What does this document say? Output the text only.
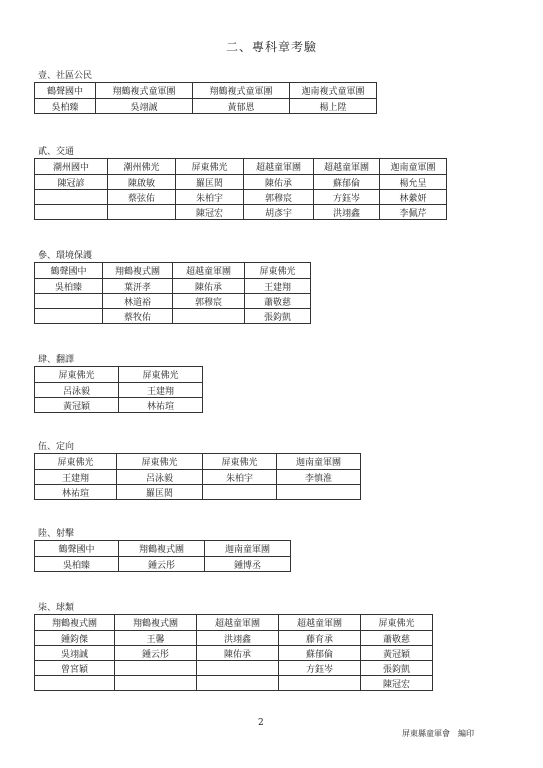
二、專科章考驗
壹、社區公民
鶴聲國中	翔鶴複式童軍團	翔鶴複式童軍團	迦南複式童軍團
吳柏臻	吳翊誠	黃郁恩	楊上陞
貳、交通
潮州國中	潮州佛光	屏東佛光	超越童軍團	超越童軍團	迦南童軍團
陳冠諺	陳啟敏	羅匡閎	陳佑承	蘇郁倫	楊允呈
	蔡弦佑	朱柏宇	郭穆宸	方鈺岑	林縈妍
		陳冠宏	胡彥宇	洪翊鑫	李佩芹
參、環境保護
鶴聲國中	翔鶴複式團	超越童軍團	屏東佛光
吳柏臻	葉汧孝	陳佑承	王建翔
	林道裕	郭穆宸	蕭敬慈
	蔡牧佑		張鈞凱
肆、翻譯
屏東佛光	屏東佛光
呂泳毅	王建翔
黃冠穎	林祐瑄
伍、定向
屏東佛光	屏東佛光	屏東佛光	迦南童軍團
王建翔	呂泳毅	朱柏宇	李慎淮
林祐瑄	羅匡閎		
陸、射擊
鶴聲國中	翔鶴複式團	迦南童軍團
吳柏臻	鍾云彤	鍾博丞
柒、球類
翔鶴複式團	翔鶴複式團	超越童軍團	超越童軍團	屏東佛光
鍾鈞傑	王馨	洪翊鑫	藤育承	蕭敬慈
吳翊誠	鍾云彤	陳佑承	蘇郁倫	黃冠穎
曾宮穎			方鈺岑	張鈞凱
				陳冠宏
2
屏東縣童軍會　編印
